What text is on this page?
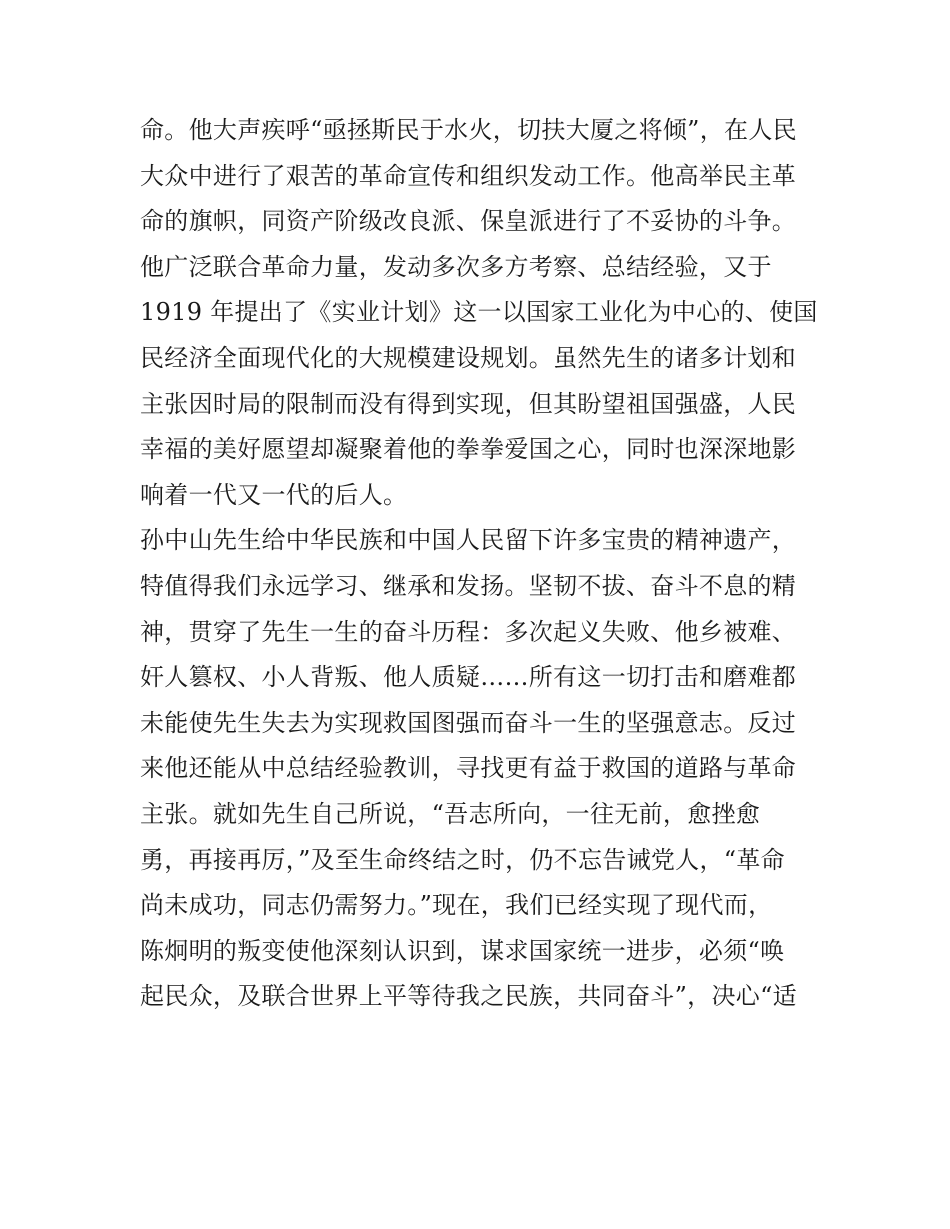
命。他大声疾呼“亟拯斯民于水火，切扶大厦之将倾”，在人民
大众中进行了艰苦的革命宣传和组织发动工作。他高举民主革
命的旗帜，同资产阶级改良派、保皇派进行了不妥协的斗争。
他广泛联合革命力量，发动多次多方考察、总结经验，又于
1919 年提出了《实业计划》这一以国家工业化为中心的、使国
民经济全面现代化的大规模建设规划。虽然先生的诸多计划和
主张因时局的限制而没有得到实现，但其盼望祖国强盛，人民
幸福的美好愿望却凝聚着他的拳拳爱国之心，同时也深深地影
响着一代又一代的后人。
孙中山先生给中华民族和中国人民留下许多宝贵的精神遗产，
特值得我们永远学习、继承和发扬。坚韧不拔、奋斗不息的精
神，贯穿了先生一生的奋斗历程：多次起义失败、他乡被难、
奸人篡权、小人背叛、他人质疑……所有这一切打击和磨难都
未能使先生失去为实现救国图强而奋斗一生的坚强意志。反过
来他还能从中总结经验教训，寻找更有益于救国的道路与革命
主张。就如先生自己所说，“吾志所向，一往无前，愈挫愈
勇，再接再厉，”及至生命终结之时，仍不忘告诫党人，“革命
尚未成功，同志仍需努力。”现在，我们已经实现了现代而，
陈炯明的叛变使他深刻认识到，谋求国家统一进步，必须“唤
起民众，及联合世界上平等待我之民族，共同奋斗”，决心“适
